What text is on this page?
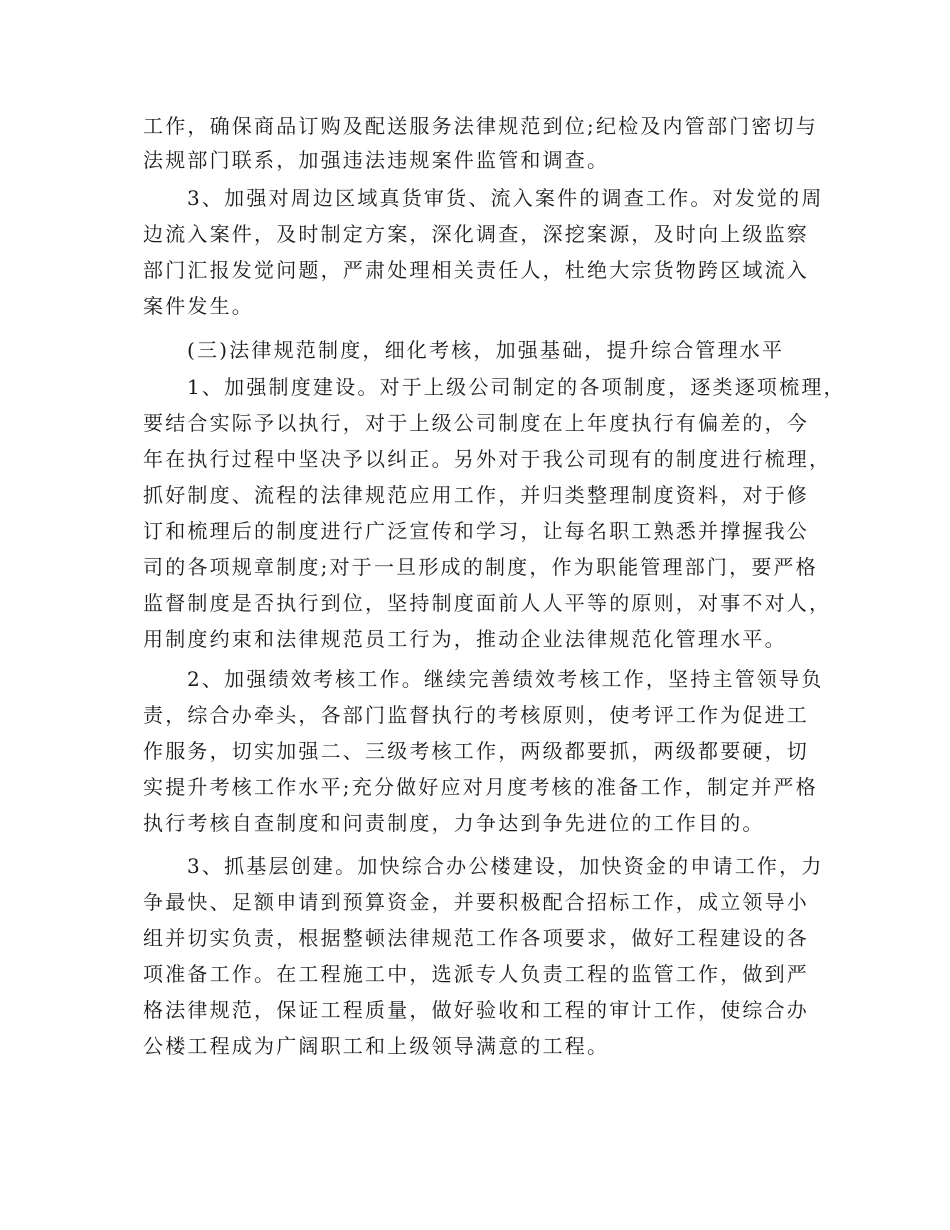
工作，确保商品订购及配送服务法律规范到位;纪检及内管部门密切与
法规部门联系，加强违法违规案件监管和调查。
3、加强对周边区域真货审货、流入案件的调查工作。对发觉的周
边流入案件，及时制定方案，深化调查，深挖案源，及时向上级监察
部门汇报发觉问题，严肃处理相关责任人，杜绝大宗货物跨区域流入
案件发生。
(三)法律规范制度，细化考核，加强基础，提升综合管理水平
1、加强制度建设。对于上级公司制定的各项制度，逐类逐项梳理，
要结合实际予以执行，对于上级公司制度在上年度执行有偏差的，今
年在执行过程中坚决予以纠正。另外对于我公司现有的制度进行梳理，
抓好制度、流程的法律规范应用工作，并归类整理制度资料，对于修
订和梳理后的制度进行广泛宣传和学习，让每名职工熟悉并撑握我公
司的各项规章制度;对于一旦形成的制度，作为职能管理部门，要严格
监督制度是否执行到位，坚持制度面前人人平等的原则，对事不对人，
用制度约束和法律规范员工行为，推动企业法律规范化管理水平。
2、加强绩效考核工作。继续完善绩效考核工作，坚持主管领导负
责，综合办牵头，各部门监督执行的考核原则，使考评工作为促进工
作服务，切实加强二、三级考核工作，两级都要抓，两级都要硬，切
实提升考核工作水平;充分做好应对月度考核的准备工作，制定并严格
执行考核自查制度和问责制度，力争达到争先进位的工作目的。
3、抓基层创建。加快综合办公楼建设，加快资金的申请工作，力
争最快、足额申请到预算资金，并要积极配合招标工作，成立领导小
组并切实负责，根据整顿法律规范工作各项要求，做好工程建设的各
项准备工作。在工程施工中，选派专人负责工程的监管工作，做到严
格法律规范，保证工程质量，做好验收和工程的审计工作，使综合办
公楼工程成为广阔职工和上级领导满意的工程。
